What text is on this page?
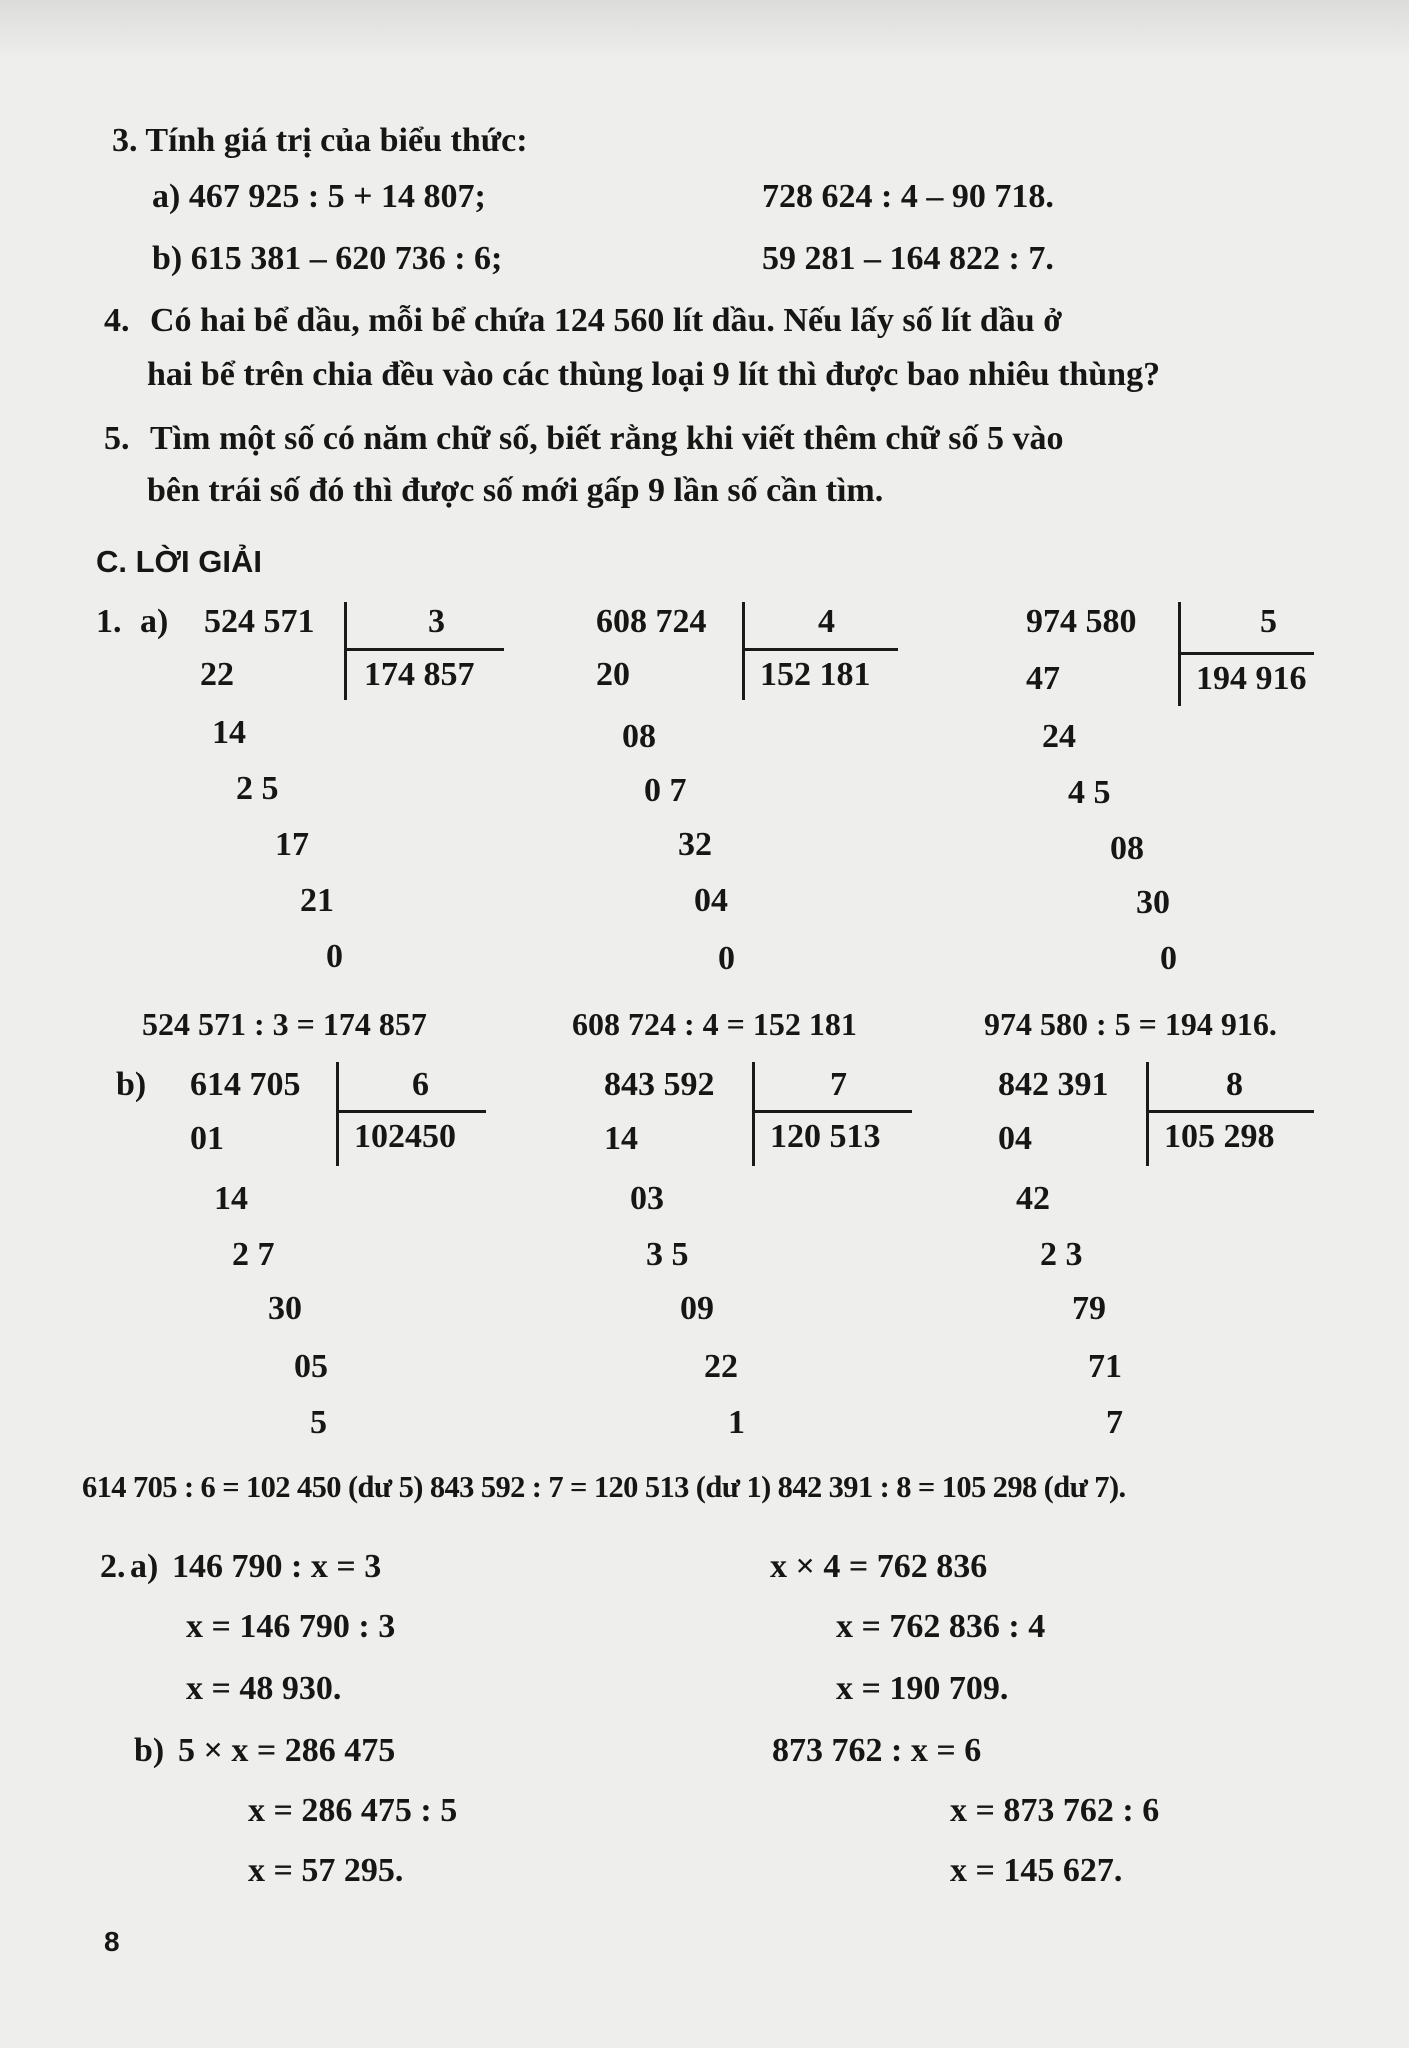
3. Tính giá trị của biểu thức:
a) 467 925 : 5 + 14 807;	728 624 : 4 – 90 718.
b) 615 381 – 620 736 : 6;	59 281 – 164 822 : 7.
4. Có hai bể dầu, mỗi bể chứa 124 560 lít dầu. Nếu lấy số lít dầu ở
hai bể trên chia đều vào các thùng loại 9 lít thì được bao nhiêu thùng?
5. Tìm một số có năm chữ số, biết rằng khi viết thêm chữ số 5 vào
bên trái số đó thì được số mới gấp 9 lần số cần tìm.
C. LỜI GIẢI
1. a)
b)
524 571	3
174 857
22
14
2 5
17
21
0
608 724	4
152 181
20
08
0 7
32
04
0
974 580	5
194 916
47
24
4 5
08
30
0
524 571 : 3 = 174 857	608 724 : 4 = 152 181	974 580 : 5 = 194 916.
614 705	6
102450
01
14
2 7
30
05
5
843 592	7
120 513
14
03
3 5
09
22
1
842 391	8
105 298
04
42
2 3
79
71
7
614 705 : 6 = 102 450 (dư 5) 843 592 : 7 = 120 513 (dư 1) 842 391 : 8 = 105 298 (dư 7).
2. a) 146 790 : x = 3
x = 146 790 : 3
x = 48 930.
x × 4 = 762 836
x = 762 836 : 4
x = 190 709.
b) 5 × x = 286 475
x = 286 475 : 5
x = 57 295.
873 762 : x = 6
x = 873 762 : 6
x = 145 627.
8
